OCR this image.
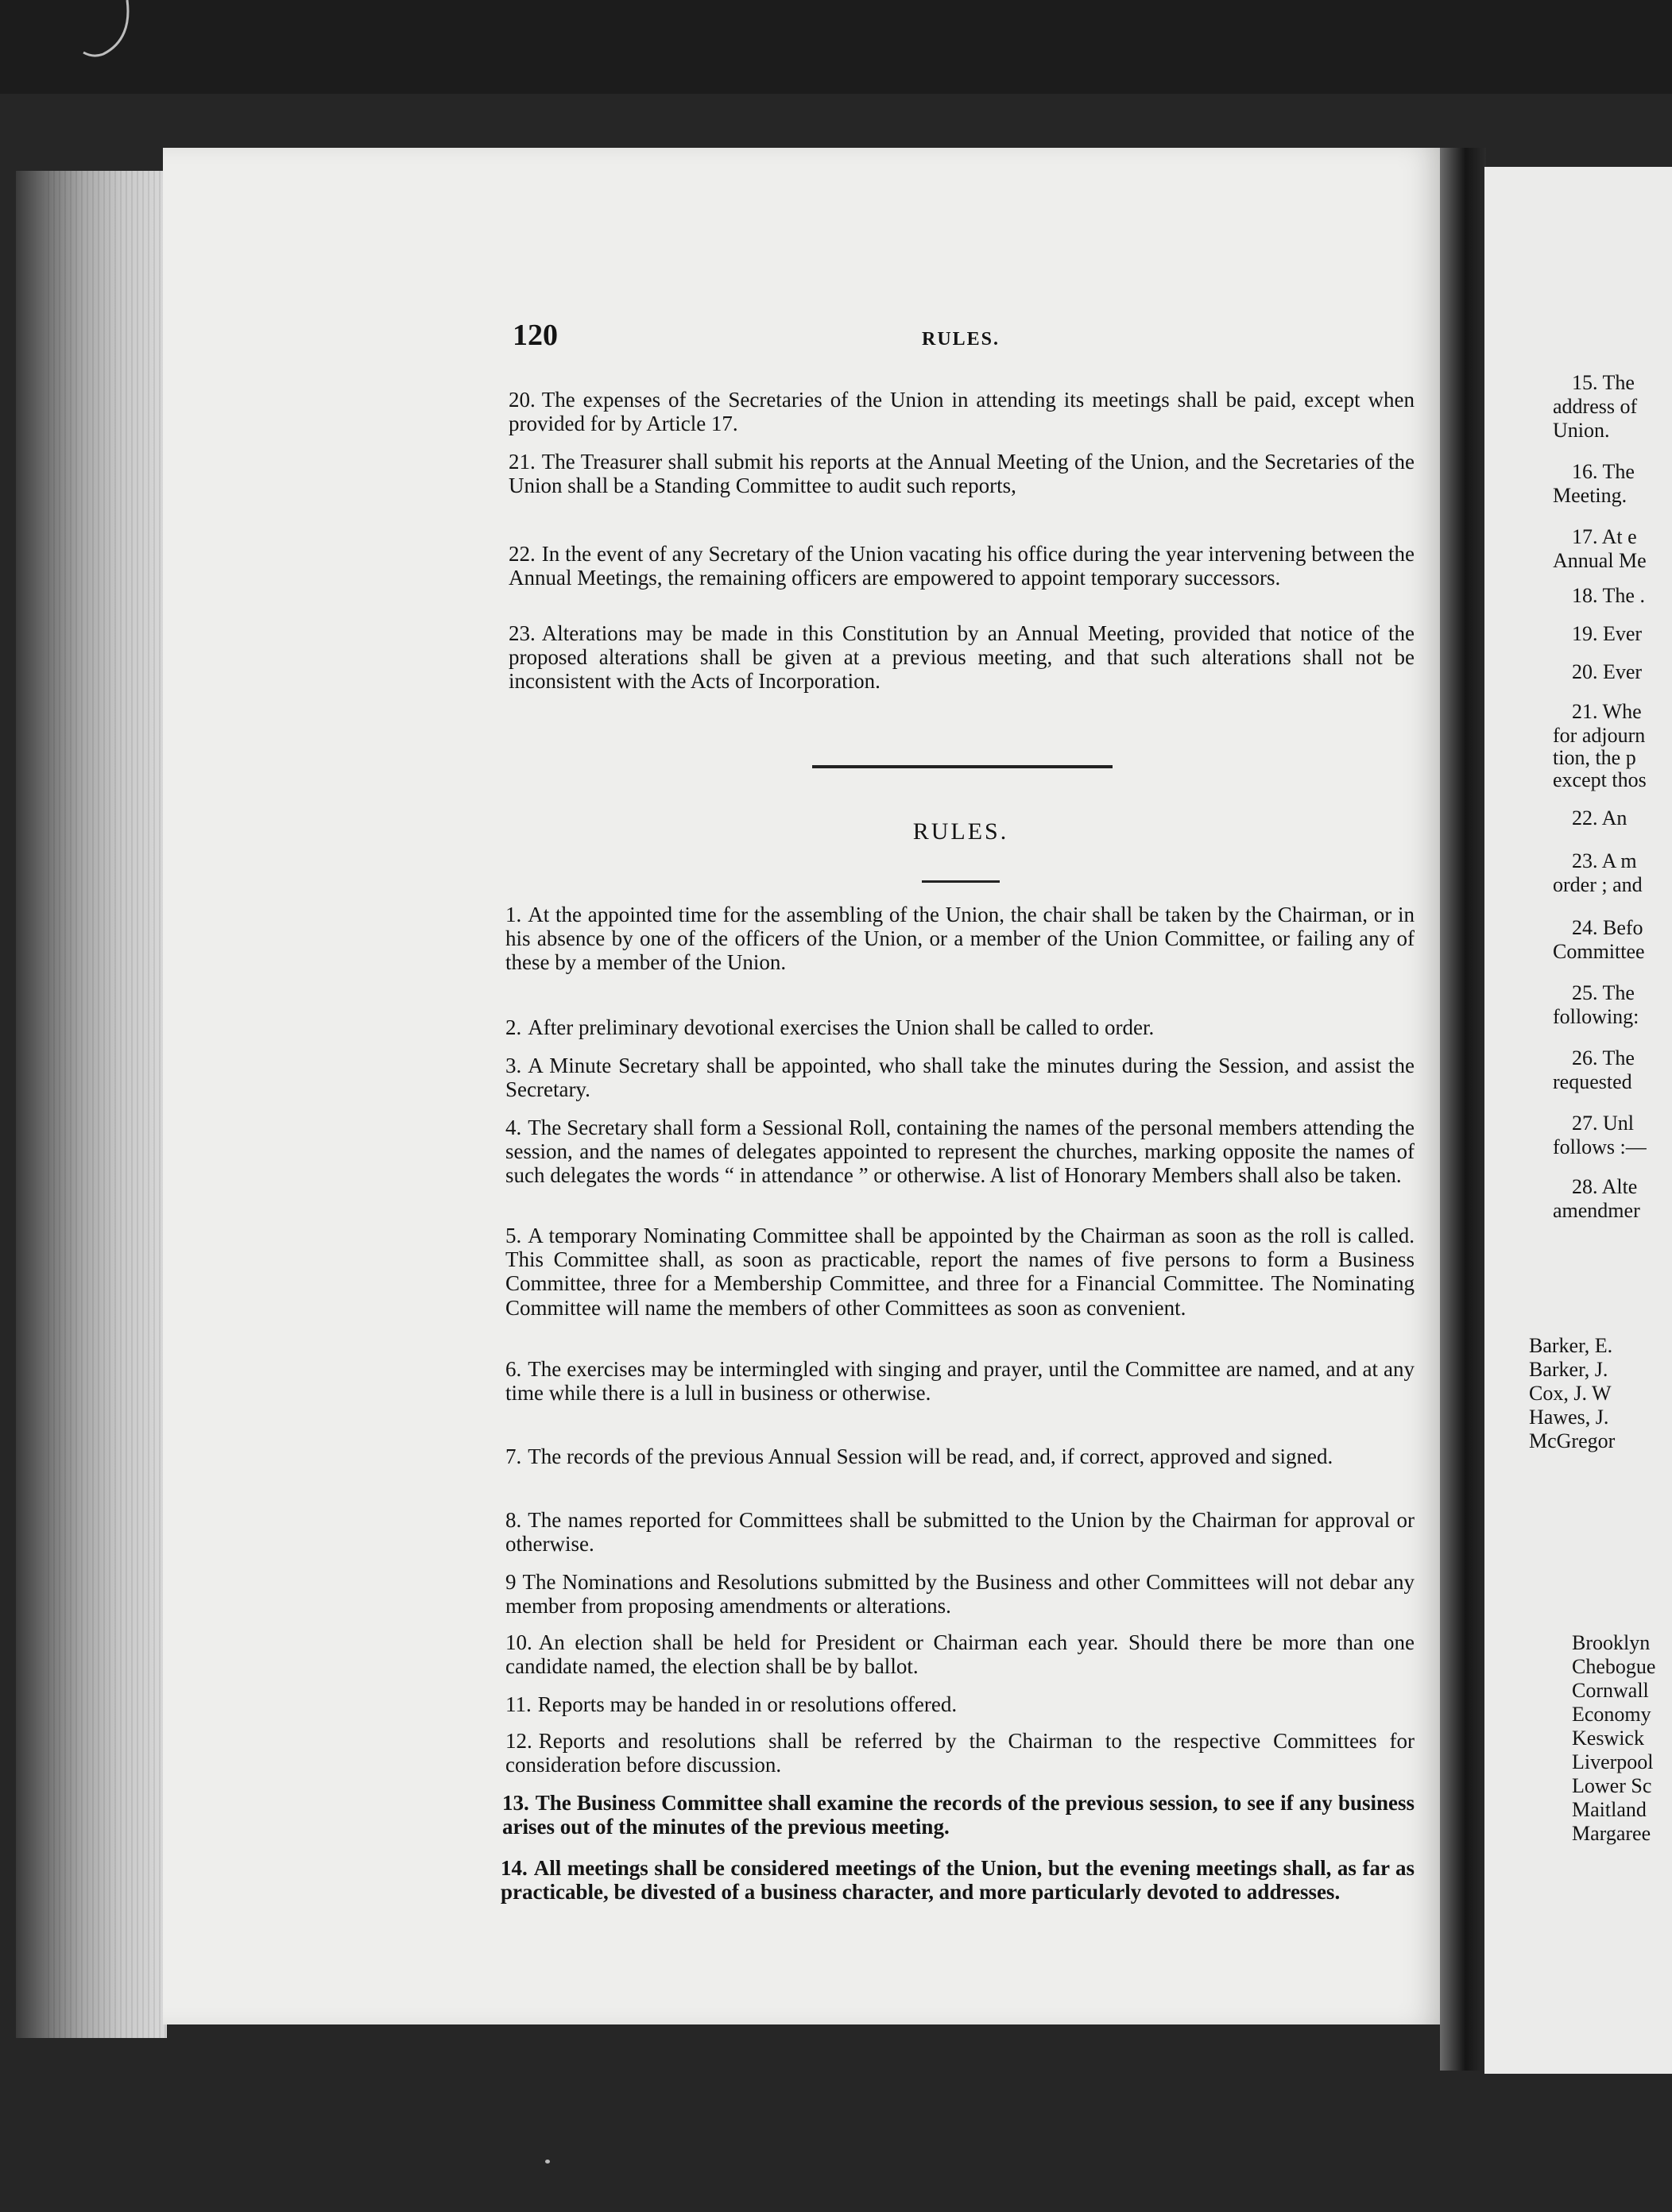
120	RULES.

20. The expenses of the Secretaries of the Union in attending its meetings shall be paid, except when provided for by Article 17.

21. The Treasurer shall submit his reports at the Annual Meeting of the Union, and the Secretaries of the Union shall be a Standing Committee to audit such reports,

22. In the event of any Secretary of the Union vacating his office during the year intervening between the Annual Meetings, the remaining officers are empowered to appoint temporary successors.

23. Alterations may be made in this Constitution by an Annual Meeting, provided that notice of the proposed alterations shall be given at a previous meeting, and that such alterations shall not be inconsistent with the Acts of Incorporation.

RULES.

1. At the appointed time for the assembling of the Union, the chair shall be taken by the Chairman, or in his absence by one of the officers of the Union, or a member of the Union Committee, or failing any of these by a member of the Union.

2. After preliminary devotional exercises the Union shall be called to order.

3. A Minute Secretary shall be appointed, who shall take the minutes during the Session, and assist the Secretary.

4. The Secretary shall form a Sessional Roll, containing the names of the personal members attending the session, and the names of delegates appointed to represent the churches, marking opposite the names of such delegates the words “ in attendance ” or otherwise. A list of Honorary Members shall also be taken.

5. A temporary Nominating Committee shall be appointed by the Chairman as soon as the roll is called. This Committee shall, as soon as practicable, report the names of five persons to form a Business Committee, three for a Membership Committee, and three for a Financial Committee. The Nominating Committee will name the members of other Committees as soon as convenient.

6. The exercises may be intermingled with singing and prayer, until the Committee are named, and at any time while there is a lull in business or otherwise.

7. The records of the previous Annual Session will be read, and, if correct, approved and signed.

8. The names reported for Committees shall be submitted to the Union by the Chairman for approval or otherwise.

9 The Nominations and Resolutions submitted by the Business and other Committees will not debar any member from proposing amendments or alterations.

10. An election shall be held for President or Chairman each year. Should there be more than one candidate named, the election shall be by ballot.

11. Reports may be handed in or resolutions offered.

12. Reports and resolutions shall be referred by the Chairman to the respective Committees for consideration before discussion.

13. The Business Committee shall examine the records of the previous session, to see if any business arises out of the minutes of the previous meeting.

14. All meetings shall be considered meetings of the Union, but the evening meetings shall, as far as practicable, be divested of a business character, and more particularly devoted to addresses.

15. The

address of

Union.

16. The

Meeting.

17. At e

Annual Me

18. The .

19. Ever

20. Ever

21. Whe

for adjourn

tion, the p

except thos

22. An

23. A m

order ; and

24. Befo

Committee

25. The

following:

26. The

requested

27. Unl

follows :—

28. Alte

amendmer

Barker, E.

Barker, J.

Cox, J. W

Hawes, J.

McGregor

Brooklyn

Chebogue

Cornwall

Economy

Keswick

Liverpool

Lower Sc

Maitland

Margaree
